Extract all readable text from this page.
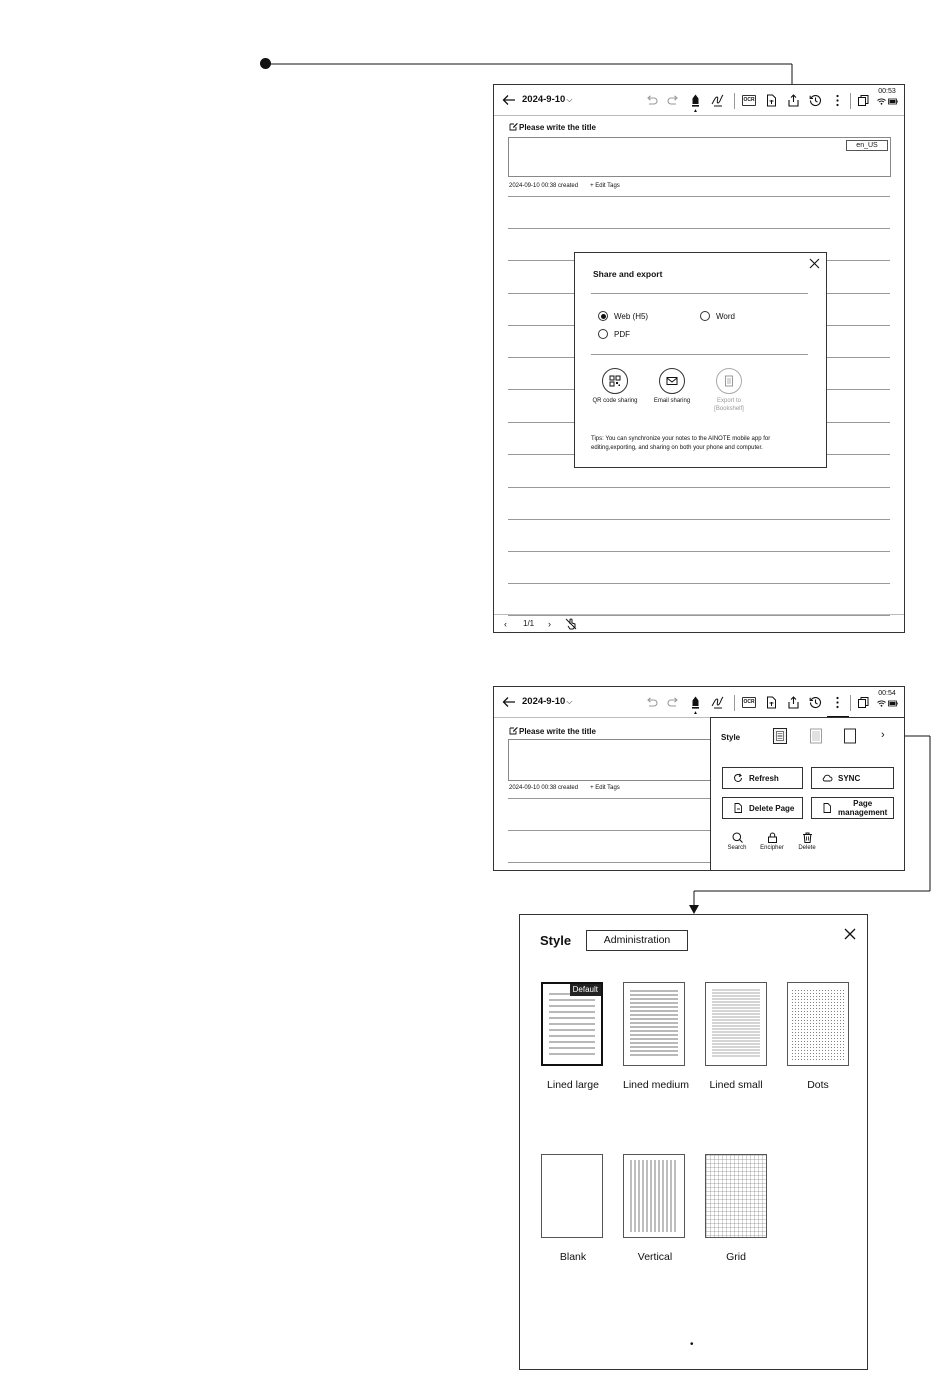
2024-9-10⌵
▲
OCR
00:53
Please write the title
en_US
2024-09-10 00:38 created + Edit Tags
‹ 1/1 ›
Share and export
Web (H5)	Word
PDF
QR code sharing	Email sharing	Export to
[Bookshelf]
Tips: You can synchronize your notes to the AINOTE mobile app for
editing,exporting, and sharing on both your phone and computer.
2024-9-10⌵
▲
OCR
00:54
Please write the title
2024-09-10 00:38 created + Edit Tags
Style	›
Refresh	SYNC
Delete Page	Page
management
Search	Encipher	Delete
Style	Administration
Default
Lined large	Lined medium	Lined small	Dots
Blank	Vertical	Grid
•
